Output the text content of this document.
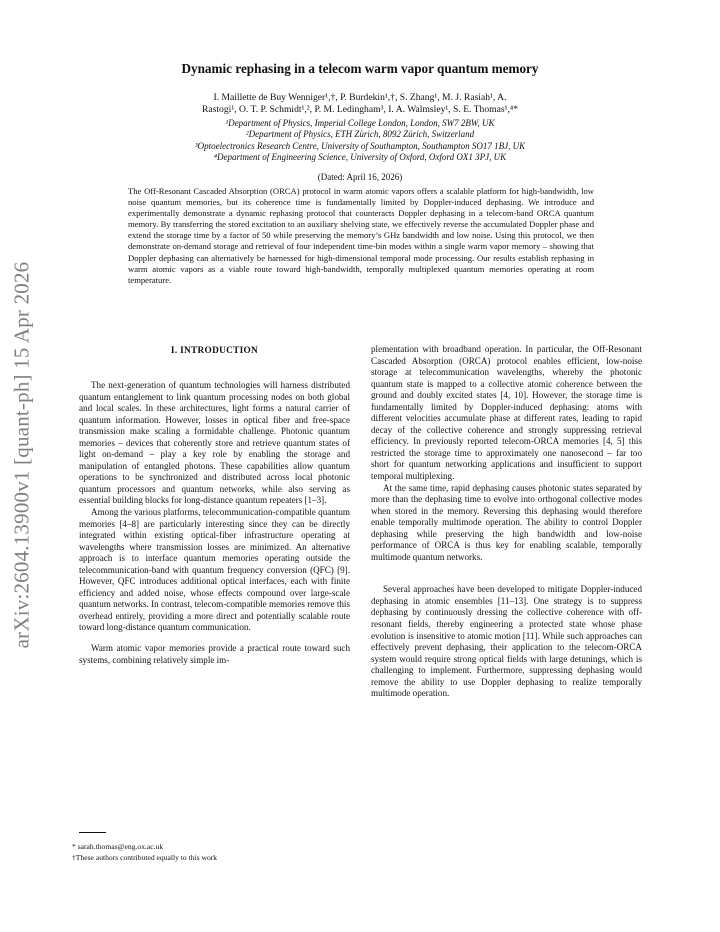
arXiv:2604.13900v1 [quant-ph] 15 Apr 2026
Dynamic rephasing in a telecom warm vapor quantum memory
I. Maillette de Buy Wenniger¹,†, P. Burdekin¹,†, S. Zhang¹, M. J. Rasiah¹, A.
Rastogi¹, O. T. P. Schmidt¹,², P. M. Ledingham³, I. A. Walmsley¹, S. E. Thomas¹,⁴*
¹Department of Physics, Imperial College London, London, SW7 2BW, UK
²Department of Physics, ETH Zürich, 8092 Zürich, Switzerland
³Optoelectronics Research Centre, University of Southampton, Southampton SO17 1BJ, UK
⁴Department of Engineering Science, University of Oxford, Oxford OX1 3PJ, UK
(Dated: April 16, 2026)

The Off-Resonant Cascaded Absorption (ORCA) protocol in warm atomic vapors offers a scalable platform for high-bandwidth, low noise quantum memories, but its coherence time is fundamentally limited by Doppler-induced dephasing. We introduce and experimentally demonstrate a dynamic rephasing protocol that counteracts Doppler dephasing in a telecom-band ORCA quantum memory. By transferring the stored excitation to an auxiliary shelving state, we effectively reverse the accumulated Doppler phase and extend the storage time by a factor of 50 while preserving the memory’s GHz bandwidth and low noise. Using this protocol, we then demonstrate on-demand storage and retrieval of four independent time-bin modes within a single warm vapor memory – showing that Doppler dephasing can alternatively be harnessed for high-dimensional temporal mode processing. Our results establish rephasing in warm atomic vapors as a viable route toward high-bandwidth, temporally multiplexed quantum memories operating at room temperature.

I. INTRODUCTION

The next-generation of quantum technologies will harness distributed quantum entanglement to link quantum processing nodes on both global and local scales. In these architectures, light forms a natural carrier of quantum information. However, losses in optical fiber and free-space transmission make scaling a formidable challenge. Photonic quantum memories – devices that coherently store and retrieve quantum states of light on-demand – play a key role by enabling the storage and manipulation of entangled photons. These capabilities allow quantum operations to be synchronized and distributed across local photonic quantum processors and quantum networks, while also serving as essential building blocks for long-distance quantum repeaters [1–3].

Among the various platforms, telecommunication-compatible quantum memories [4–8] are particularly interesting since they can be directly integrated within existing optical-fiber infrastructure operating at wavelengths where transmission losses are minimized. An alternative approach is to interface quantum memories operating outside the telecommunication-band with quantum frequency conversion (QFC) [9]. However, QFC introduces additional optical interfaces, each with finite efficiency and added noise, whose effects compound over large-scale quantum networks. In contrast, telecom-compatible memories remove this overhead entirely, providing a more direct and potentially scalable route toward long-distance quantum communication.

Warm atomic vapor memories provide a practical route toward such systems, combining relatively simple im-

plementation with broadband operation. In particular, the Off-Resonant Cascaded Absorption (ORCA) protocol enables efficient, low-noise storage at telecommunication wavelengths, whereby the photonic quantum state is mapped to a collective atomic coherence between the ground and doubly excited states [4, 10]. However, the storage time is fundamentally limited by Doppler-induced dephasing: atoms with different velocities accumulate phase at different rates, leading to rapid decay of the collective coherence and strongly suppressing retrieval efficiency. In previously reported telecom-ORCA memories [4, 5] this restricted the storage time to approximately one nanosecond – far too short for quantum networking applications and insufficient to support temporal multiplexing.

At the same time, rapid dephasing causes photonic states separated by more than the dephasing time to evolve into orthogonal collective modes when stored in the memory. Reversing this dephasing would therefore enable temporally multimode operation. The ability to control Doppler dephasing while preserving the high bandwidth and low-noise performance of ORCA is thus key for enabling scalable, temporally multimode quantum networks.

Several approaches have been developed to mitigate Doppler-induced dephasing in atomic ensembles [11–13]. One strategy is to suppress dephasing by continuously dressing the collective coherence with off-resonant fields, thereby engineering a protected state whose phase evolution is insensitive to atomic motion [11]. While such approaches can effectively prevent dephasing, their application to the telecom-ORCA system would require strong optical fields with large detunings, which is challenging to implement. Furthermore, suppressing dephasing would remove the ability to use Doppler dephasing to realize temporally multimode operation.

* sarah.thomas@eng.ox.ac.uk
†These authors contributed equally to this work
